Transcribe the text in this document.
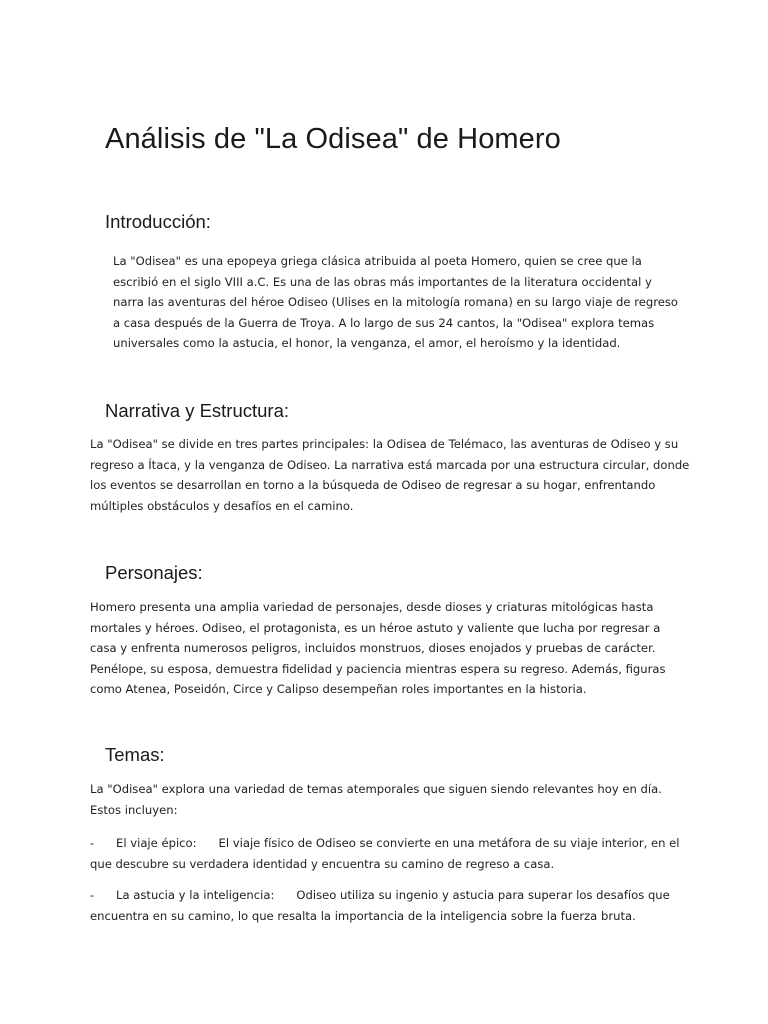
Análisis de "La Odisea" de Homero
Introducción:

La "Odisea" es una epopeya griega clásica atribuida al poeta Homero, quien se cree que la escribió en el siglo VIII a.C. Es una de las obras más importantes de la literatura occidental y narra las aventuras del héroe Odiseo (Ulises en la mitología romana) en su largo viaje de regreso a casa después de la Guerra de Troya. A lo largo de sus 24 cantos, la "Odisea" explora temas universales como la astucia, el honor, la venganza, el amor, el heroísmo y la identidad.

Narrativa y Estructura:

La "Odisea" se divide en tres partes principales: la Odisea de Telémaco, las aventuras de Odiseo y su regreso a Ítaca, y la venganza de Odiseo. La narrativa está marcada por una estructura circular, donde los eventos se desarrollan en torno a la búsqueda de Odiseo de regresar a su hogar, enfrentando múltiples obstáculos y desafíos en el camino.

Personajes:

Homero presenta una amplia variedad de personajes, desde dioses y criaturas mitológicas hasta mortales y héroes. Odiseo, el protagonista, es un héroe astuto y valiente que lucha por regresar a casa y enfrenta numerosos peligros, incluidos monstruos, dioses enojados y pruebas de carácter. Penélope, su esposa, demuestra fidelidad y paciencia mientras espera su regreso. Además, figuras como Atenea, Poseidón, Circe y Calipso desempeñan roles importantes en la historia.

Temas:

La "Odisea" explora una variedad de temas atemporales que siguen siendo relevantes hoy en día. Estos incluyen:

- El viaje épico: El viaje físico de Odiseo se convierte en una metáfora de su viaje interior, en el que descubre su verdadera identidad y encuentra su camino de regreso a casa.

- La astucia y la inteligencia: Odiseo utiliza su ingenio y astucia para superar los desafíos que encuentra en su camino, lo que resalta la importancia de la inteligencia sobre la fuerza bruta.
